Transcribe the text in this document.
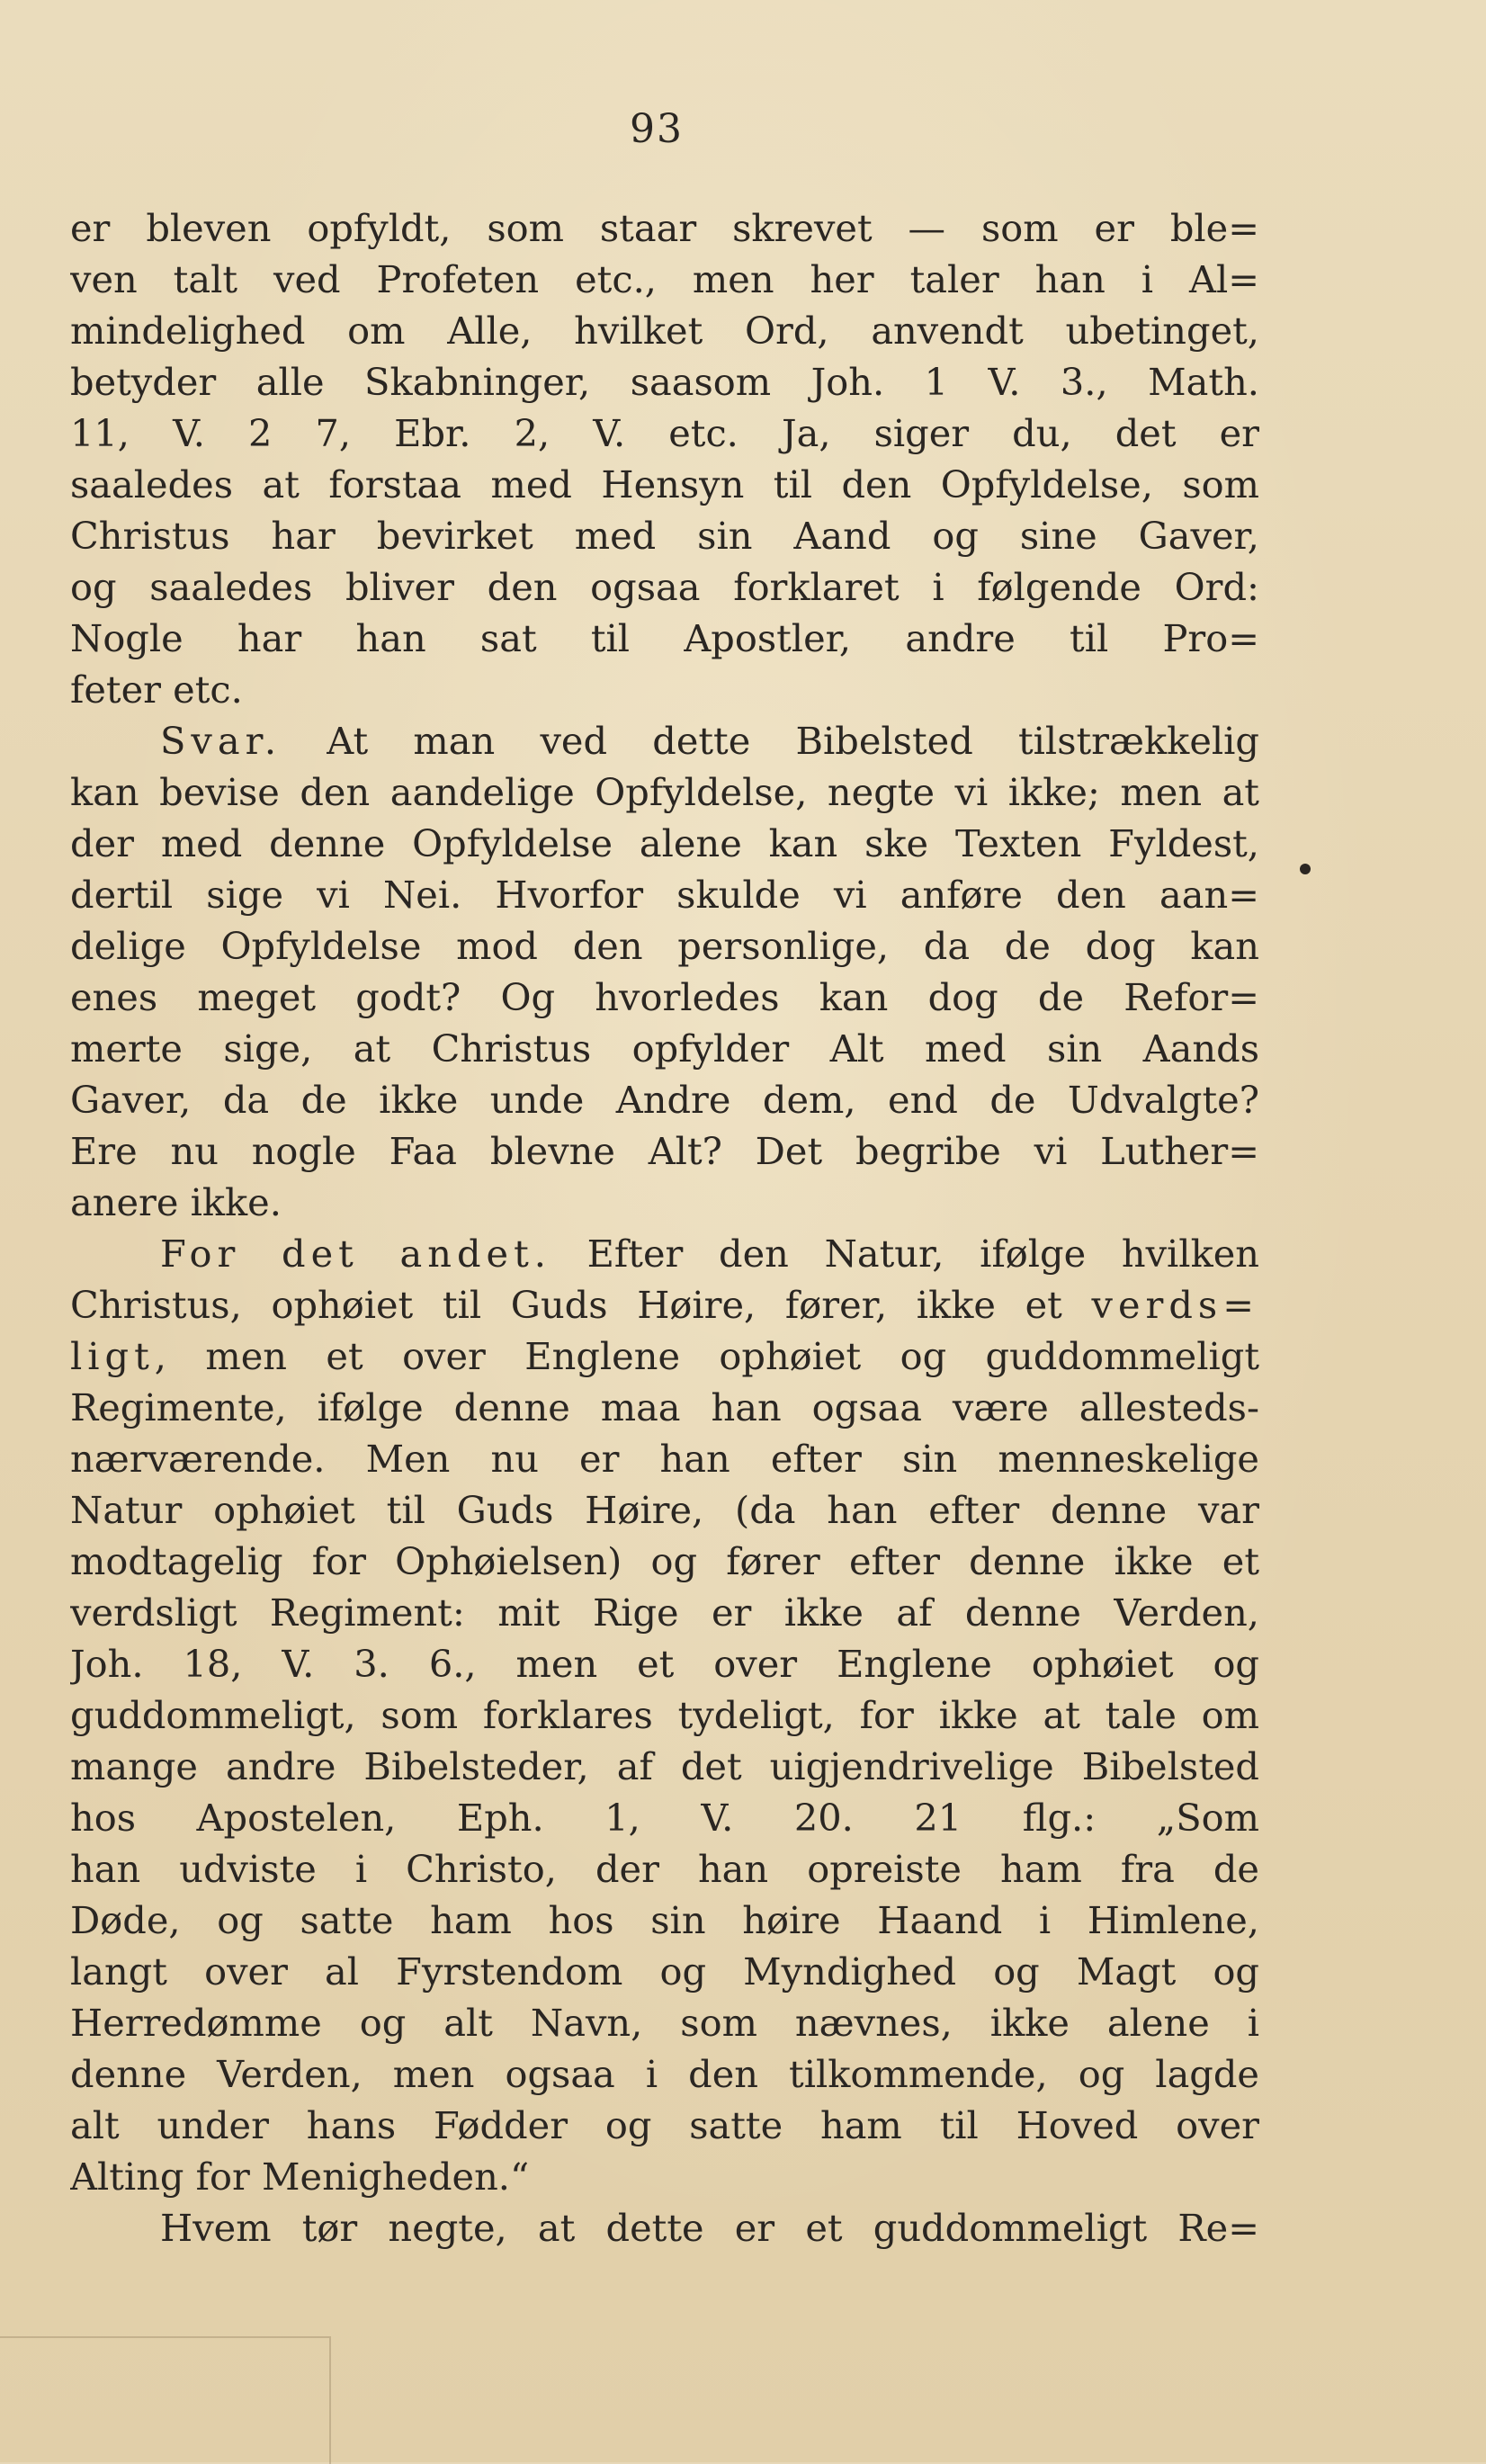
93
er bleven opfyldt, som staar skrevet — som er ble=
ven talt ved Profeten etc., men her taler han i Al=
mindelighed om Alle, hvilket Ord, anvendt ubetinget,
betyder alle Skabninger, saasom Joh. 1 V. 3., Math.
11, V. 2 7, Ebr. 2, V. etc. Ja, siger du, det er
saaledes at forstaa med Hensyn til den Opfyldelse, som
Christus har bevirket med sin Aand og sine Gaver,
og saaledes bliver den ogsaa forklaret i følgende Ord:
Nogle har han sat til Apostler, andre til Pro=
feter etc.
Svar. At man ved dette Bibelsted tilstrækkelig
kan bevise den aandelige Opfyldelse, negte vi ikke; men at
der med denne Opfyldelse alene kan ske Texten Fyldest,
dertil sige vi Nei. Hvorfor skulde vi anføre den aan=
delige Opfyldelse mod den personlige, da de dog kan
enes meget godt? Og hvorledes kan dog de Refor=
merte sige, at Christus opfylder Alt med sin Aands
Gaver, da de ikke unde Andre dem, end de Udvalgte?
Ere nu nogle Faa blevne Alt? Det begribe vi Luther=
anere ikke.
For det andet. Efter den Natur, ifølge hvilken
Christus, ophøiet til Guds Høire, fører, ikke et verds=
ligt, men et over Englene ophøiet og guddommeligt
Regimente, ifølge denne maa han ogsaa være allesteds-
nærværende. Men nu er han efter sin menneskelige
Natur ophøiet til Guds Høire, (da han efter denne var
modtagelig for Ophøielsen) og fører efter denne ikke et
verdsligt Regiment: mit Rige er ikke af denne Verden,
Joh. 18, V. 3. 6., men et over Englene ophøiet og
guddommeligt, som forklares tydeligt, for ikke at tale om
mange andre Bibelsteder, af det uigjendrivelige Bibelsted
hos Apostelen, Eph. 1, V. 20. 21 flg.: „Som
han udviste i Christo, der han opreiste ham fra de
Døde, og satte ham hos sin høire Haand i Himlene,
langt over al Fyrstendom og Myndighed og Magt og
Herredømme og alt Navn, som nævnes, ikke alene i
denne Verden, men ogsaa i den tilkommende, og lagde
alt under hans Fødder og satte ham til Hoved over
Alting for Menigheden.“
Hvem tør negte, at dette er et guddommeligt Re=
